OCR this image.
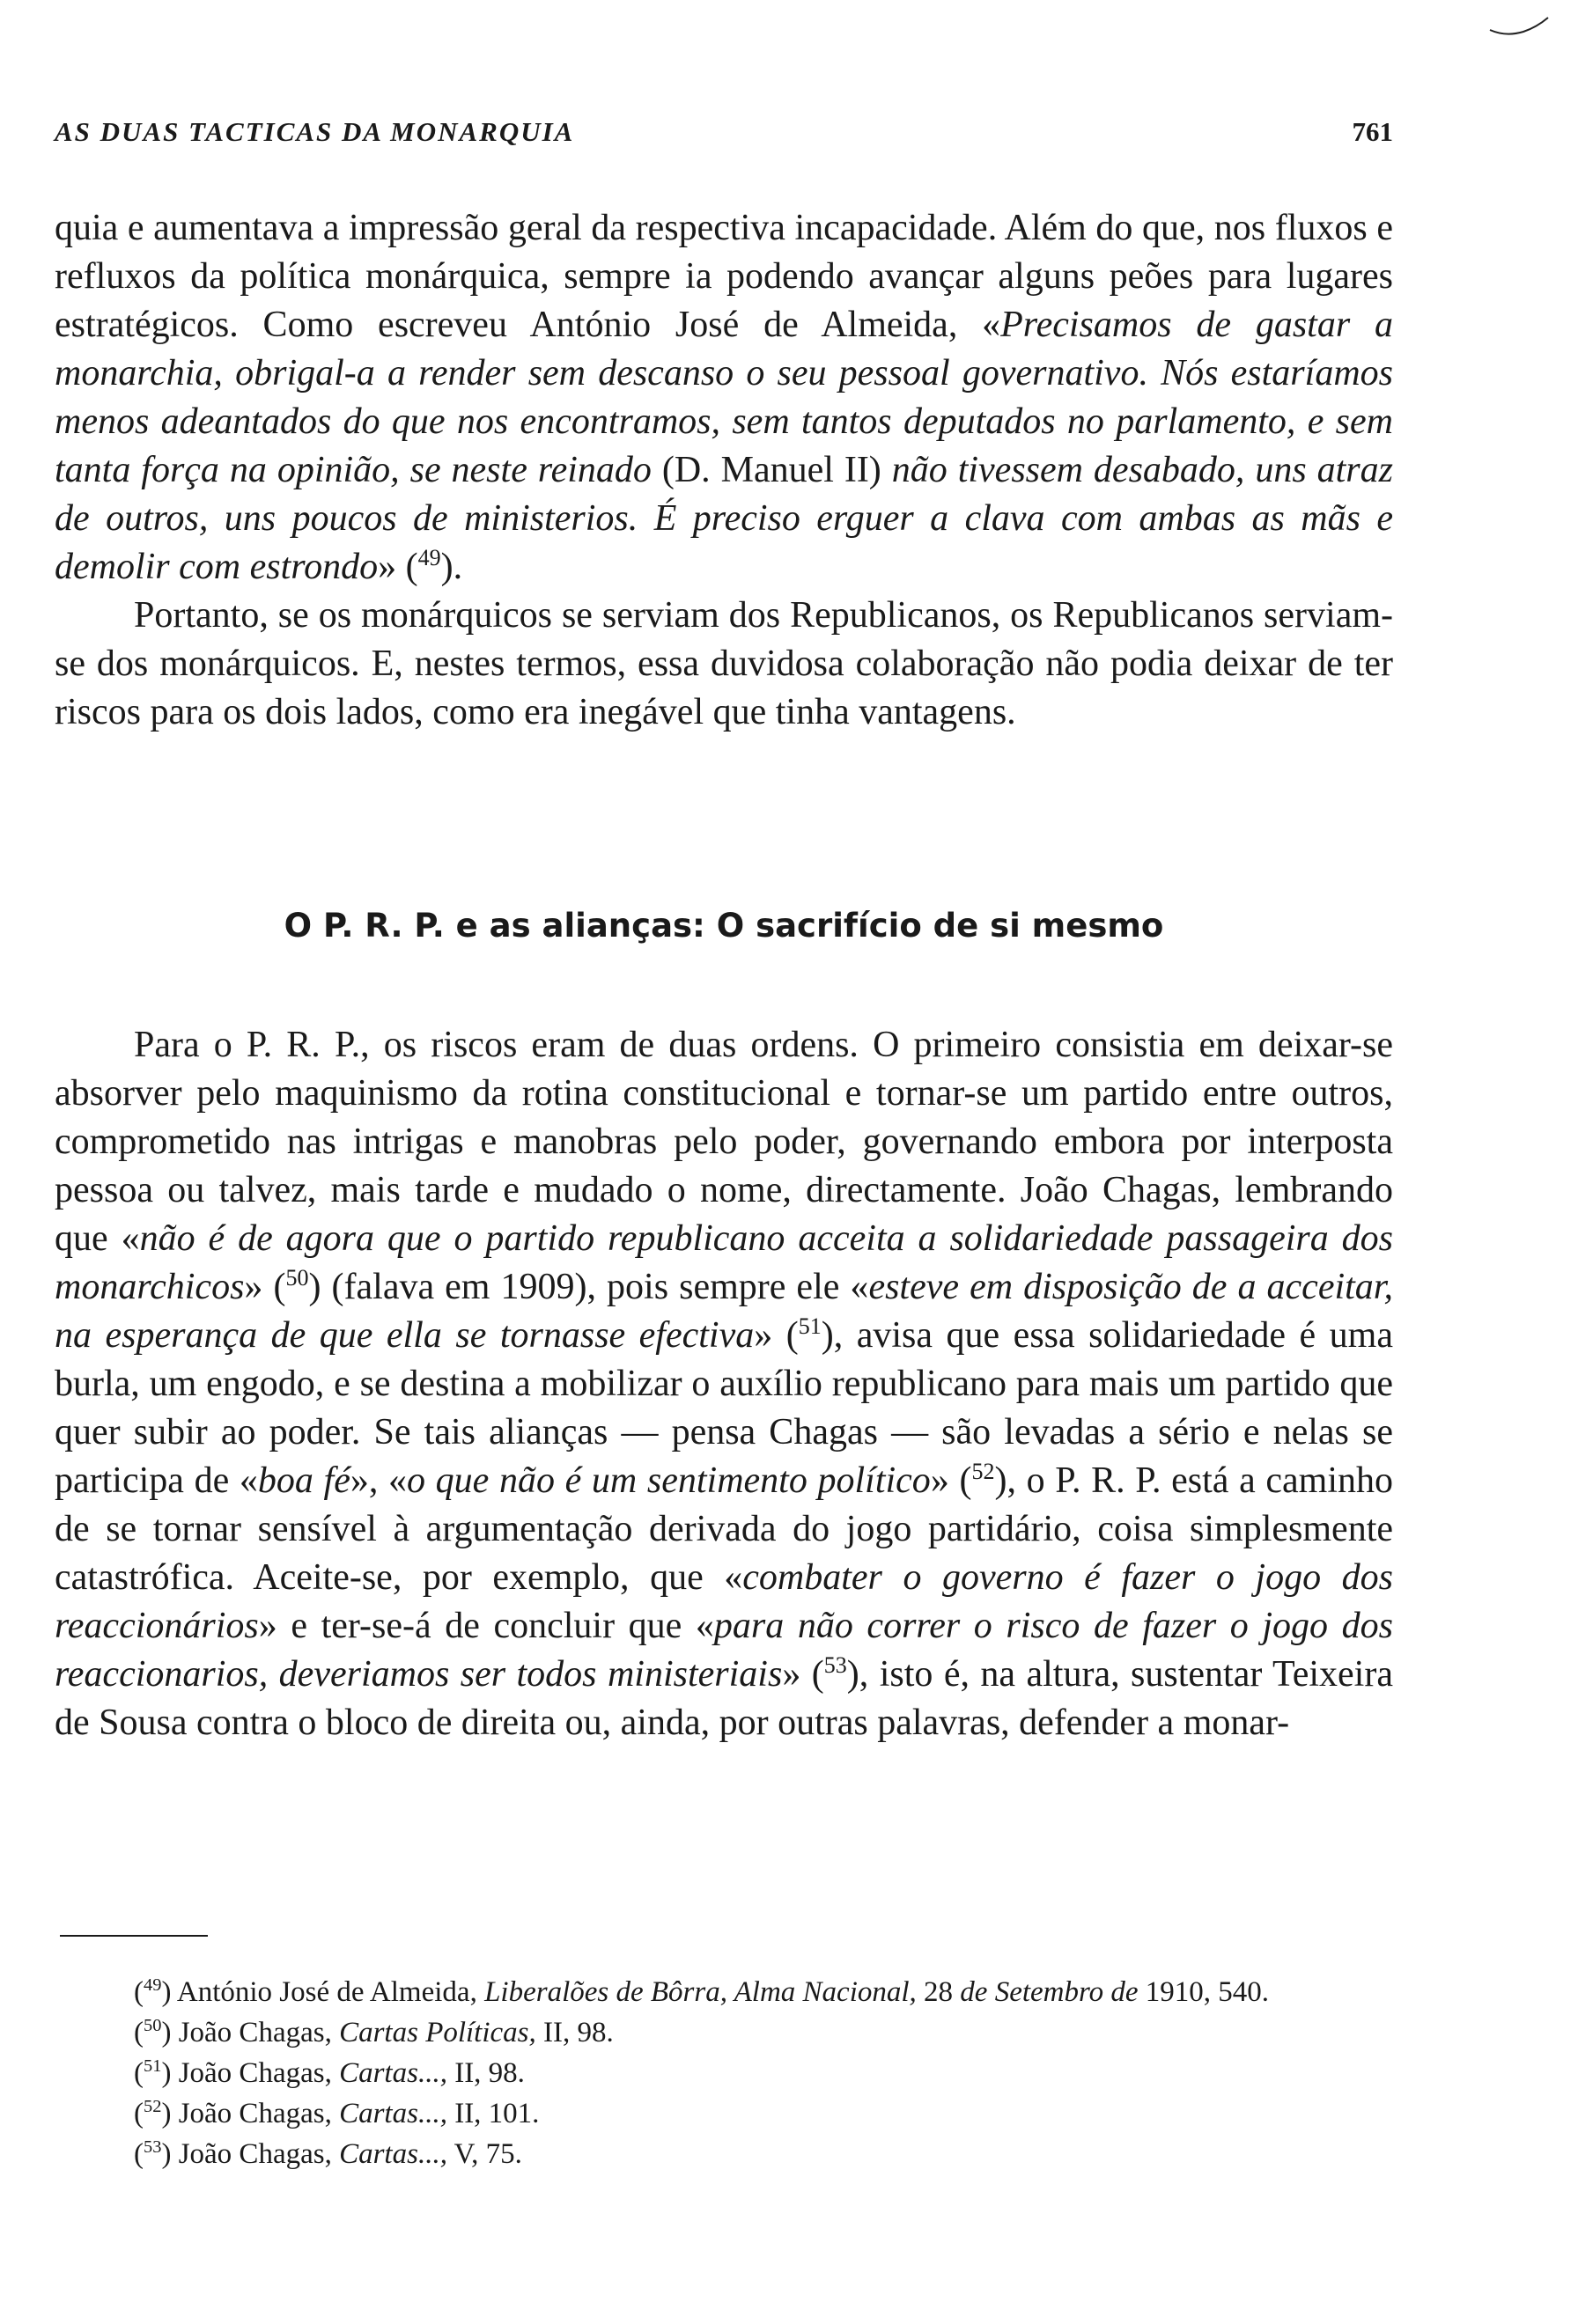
AS DUAS TACTICAS DA MONARQUIA	761

quia e aumentava a impressão geral da respectiva incapacidade. Além do que, nos fluxos e refluxos da política monárquica, sempre ia podendo avançar alguns peões para lugares estratégicos. Como escreveu António José de Almeida, «Precisamos de gastar a monarchia, obrigal-a a render sem descanso o seu pessoal governativo. Nós estaríamos menos adeantados do que nos encontramos, sem tantos deputados no parlamento, e sem tanta força na opinião, se neste reinado (D. Manuel II) não tivessem desabado, uns atraz de outros, uns poucos de ministerios. É preciso erguer a clava com ambas as mãs e demolir com estrondo» ($^{49}$).

Portanto, se os monárquicos se serviam dos Republicanos, os Republicanos serviam-se dos monárquicos. E, nestes termos, essa duvidosa colaboração não podia deixar de ter riscos para os dois lados, como era inegável que tinha vantagens.

O P. R. P. e as alianças: O sacrifício de si mesmo

Para o P. R. P., os riscos eram de duas ordens. O primeiro consistia em deixar-se absorver pelo maquinismo da rotina constitucional e tornar-se um partido entre outros, comprometido nas intrigas e manobras pelo poder, governando embora por interposta pessoa ou talvez, mais tarde e mudado o nome, directamente. João Chagas, lembrando que «não é de agora que o partido republicano acceita a solidariedade passageira dos monarchicos» ($^{50}$) (falava em 1909), pois sempre ele «esteve em disposição de a acceitar, na esperança de que ella se tornasse efectiva» ($^{51}$), avisa que essa solidariedade é uma burla, um engodo, e se destina a mobilizar o auxílio republicano para mais um partido que quer subir ao poder. Se tais alianças — pensa Chagas — são levadas a sério e nelas se participa de «boa fé», «o que não é um sentimento político» ($^{52}$), o P. R. P. está a caminho de se tornar sensível à argumentação derivada do jogo partidário, coisa simplesmente catastrófica. Aceite-se, por exemplo, que «combater o governo é fazer o jogo dos reaccionários» e ter-se-á de concluir que «para não correr o risco de fazer o jogo dos reaccionarios, deveriamos ser todos ministeriais» ($^{53}$), isto é, na altura, sustentar Teixeira de Sousa contra o bloco de direita ou, ainda, por outras palavras, defender a monar-

($^{49}$) António José de Almeida, Liberalões de Bôrra, Alma Nacional, 28 de Setembro de 1910, 540.

($^{50}$) João Chagas, Cartas Políticas, II, 98.

($^{51}$) João Chagas, Cartas..., II, 98.

($^{52}$) João Chagas, Cartas..., II, 101.

($^{53}$) João Chagas, Cartas..., V, 75.
